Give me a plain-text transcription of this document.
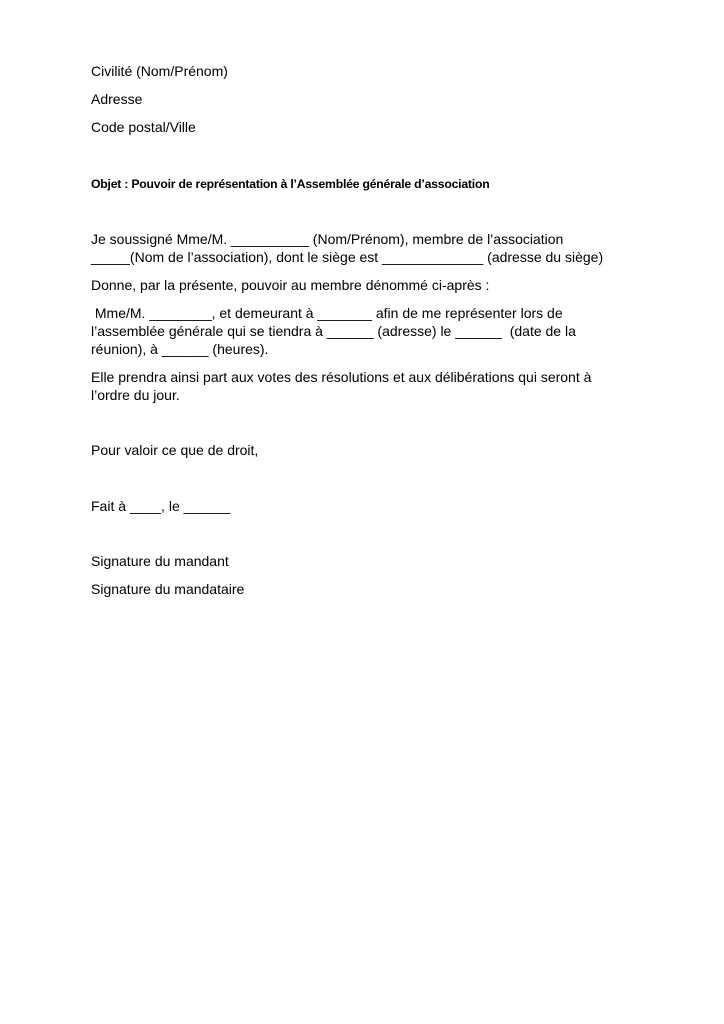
Civilité (Nom/Prénom)

Adresse

Code postal/Ville

Objet : Pouvoir de représentation à l’Assemblée générale d’association

Je soussigné Mme/M. __________ (Nom/Prénom), membre de l’association

_____(Nom de l’association), dont le siège est _____________ (adresse du siège)

Donne, par la présente, pouvoir au membre dénommé ci-après :

Mme/M. ________, et demeurant à _______ afin de me représenter lors de

l’assemblée générale qui se tiendra à ______ (adresse) le ______  (date de la

réunion), à ______ (heures).

Elle prendra ainsi part aux votes des résolutions et aux délibérations qui seront à

l’ordre du jour.

Pour valoir ce que de droit,

Fait à ____, le ______

Signature du mandant

Signature du mandataire
